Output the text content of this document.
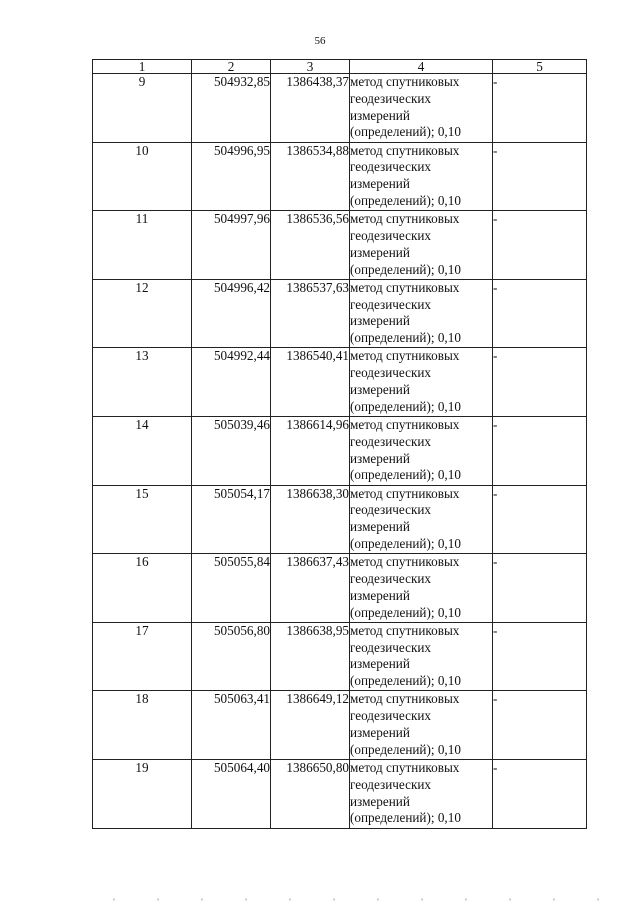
56
1	2	3	4	5
9	504932,85	1386438,37	метод спутниковых
геодезических
измерений
(определений); 0,10	-
10	504996,95	1386534,88	метод спутниковых
геодезических
измерений
(определений); 0,10	-
11	504997,96	1386536,56	метод спутниковых
геодезических
измерений
(определений); 0,10	-
12	504996,42	1386537,63	метод спутниковых
геодезических
измерений
(определений); 0,10	-
13	504992,44	1386540,41	метод спутниковых
геодезических
измерений
(определений); 0,10	-
14	505039,46	1386614,96	метод спутниковых
геодезических
измерений
(определений); 0,10	-
15	505054,17	1386638,30	метод спутниковых
геодезических
измерений
(определений); 0,10	-
16	505055,84	1386637,43	метод спутниковых
геодезических
измерений
(определений); 0,10	-
17	505056,80	1386638,95	метод спутниковых
геодезических
измерений
(определений); 0,10	-
18	505063,41	1386649,12	метод спутниковых
геодезических
измерений
(определений); 0,10	-
19	505064,40	1386650,80	метод спутниковых
геодезических
измерений
(определений); 0,10	-
